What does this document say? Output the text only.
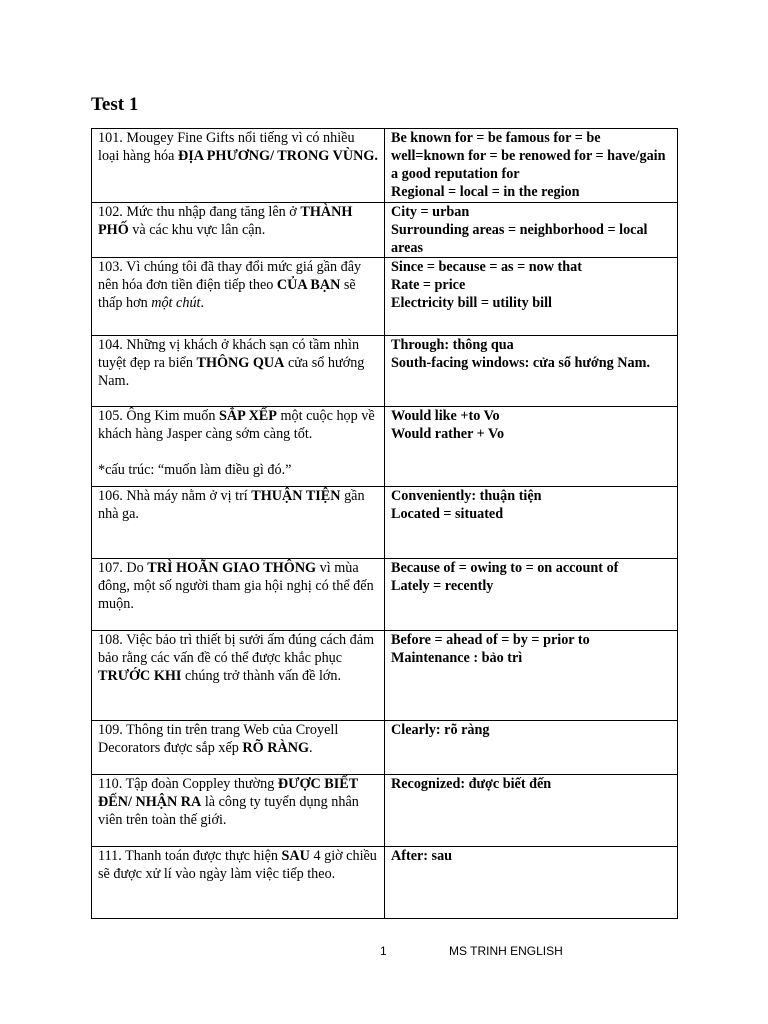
Test 1
101. Mougey Fine Gifts nổi tiếng vì có nhiều loại hàng hóa ĐỊA PHƯƠNG/ TRONG VÙNG.	Be known for = be famous for = be well=known for = be renowed for = have/gain a good reputation for
Regional = local = in the region
102. Mức thu nhập đang tăng lên ở THÀNH PHỐ và các khu vực lân cận.	City = urban
Surrounding areas = neighborhood = local areas
103. Vì chúng tôi đã thay đổi mức giá gần đây nên hóa đơn tiền điện tiếp theo CỦA BẠN sẽ thấp hơn một chút.	Since = because = as = now that
Rate = price
Electricity bill = utility bill
104. Những vị khách ở khách sạn có tầm nhìn tuyệt đẹp ra biển THÔNG QUA cửa sổ hướng Nam.	Through: thông qua
South-facing windows: cửa sổ hướng Nam.
105. Ông Kim muốn SẮP XẾP một cuộc họp về khách hàng Jasper càng sớm càng tốt.

*cấu trúc: “muốn làm điều gì đó.”	Would like +to Vo
Would rather + Vo
106. Nhà máy nằm ở vị trí THUẬN TIỆN gần nhà ga.	Conveniently: thuận tiện
Located = situated
107. Do TRÌ HOÃN GIAO THÔNG vì mùa đông, một số người tham gia hội nghị có thể đến muộn.	Because of = owing to = on account of
Lately = recently
108. Việc bảo trì thiết bị sưởi ấm đúng cách đảm bảo rằng các vấn đề có thể được khắc phục TRƯỚC KHI chúng trở thành vấn đề lớn.	Before = ahead of = by = prior to
Maintenance : bảo trì
109. Thông tin trên trang Web của Croyell Decorators được sắp xếp RÕ RÀNG.	Clearly: rõ ràng
110. Tập đoàn Coppley thường ĐƯỢC BIẾT ĐẾN/ NHẬN RA là công ty tuyển dụng nhân viên trên toàn thế giới.	Recognized: được biết đến
111. Thanh toán được thực hiện SAU 4 giờ chiều sẽ được xử lí vào ngày làm việc tiếp theo.	After: sau
1	MS TRINH ENGLISH
